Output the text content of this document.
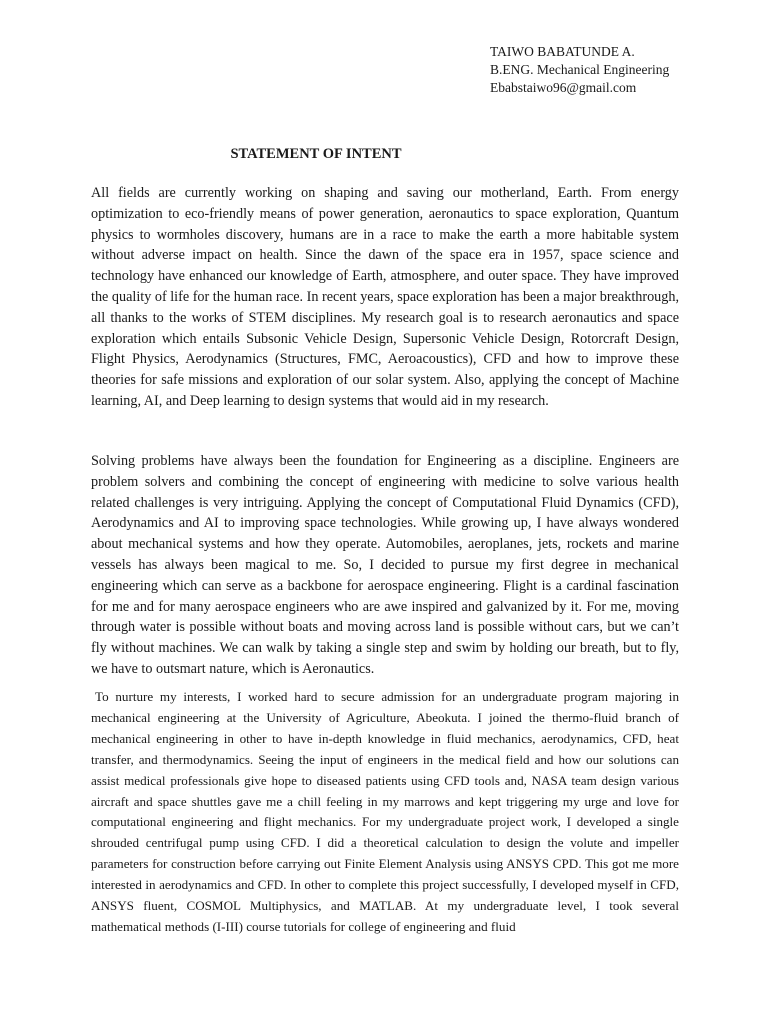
TAIWO BABATUNDE A.
B.ENG. Mechanical Engineering
Ebabstaiwo96@gmail.com
STATEMENT OF INTENT

All fields are currently working on shaping and saving our motherland, Earth. From energy optimization to eco-friendly means of power generation, aeronautics to space exploration, Quantum physics to wormholes discovery, humans are in a race to make the earth a more habitable system without adverse impact on health. Since the dawn of the space era in 1957, space science and technology have enhanced our knowledge of Earth, atmosphere, and outer space. They have improved the quality of life for the human race. In recent years, space exploration has been a major breakthrough, all thanks to the works of STEM disciplines. My research goal is to research aeronautics and space exploration which entails Subsonic Vehicle Design, Supersonic Vehicle Design, Rotorcraft Design, Flight Physics, Aerodynamics (Structures, FMC, Aeroacoustics), CFD and how to improve these theories for safe missions and exploration of our solar system. Also, applying the concept of Machine learning, AI, and Deep learning to design systems that would aid in my research.

Solving problems have always been the foundation for Engineering as a discipline. Engineers are problem solvers and combining the concept of engineering with medicine to solve various health related challenges is very intriguing. Applying the concept of Computational Fluid Dynamics (CFD), Aerodynamics and AI to improving space technologies. While growing up, I have always wondered about mechanical systems and how they operate. Automobiles, aeroplanes, jets, rockets and marine vessels has always been magical to me. So, I decided to pursue my first degree in mechanical engineering which can serve as a backbone for aerospace engineering. Flight is a cardinal fascination for me and for many aerospace engineers who are awe inspired and galvanized by it. For me, moving through water is possible without boats and moving across land is possible without cars, but we can’t fly without machines. We can walk by taking a single step and swim by holding our breath, but to fly, we have to outsmart nature, which is Aeronautics.

To nurture my interests, I worked hard to secure admission for an undergraduate program majoring in mechanical engineering at the University of Agriculture, Abeokuta. I joined the thermo-fluid branch of mechanical engineering in other to have in-depth knowledge in fluid mechanics, aerodynamics, CFD, heat transfer, and thermodynamics. Seeing the input of engineers in the medical field and how our solutions can assist medical professionals give hope to diseased patients using CFD tools and, NASA team design various aircraft and space shuttles gave me a chill feeling in my marrows and kept triggering my urge and love for computational engineering and flight mechanics. For my undergraduate project work, I developed a single shrouded centrifugal pump using CFD. I did a theoretical calculation to design the volute and impeller parameters for construction before carrying out Finite Element Analysis using ANSYS CPD. This got me more interested in aerodynamics and CFD. In other to complete this project successfully, I developed myself in CFD, ANSYS fluent, COSMOL Multiphysics, and MATLAB. At my undergraduate level, I took several mathematical methods (I-III) course tutorials for college of engineering and fluid
